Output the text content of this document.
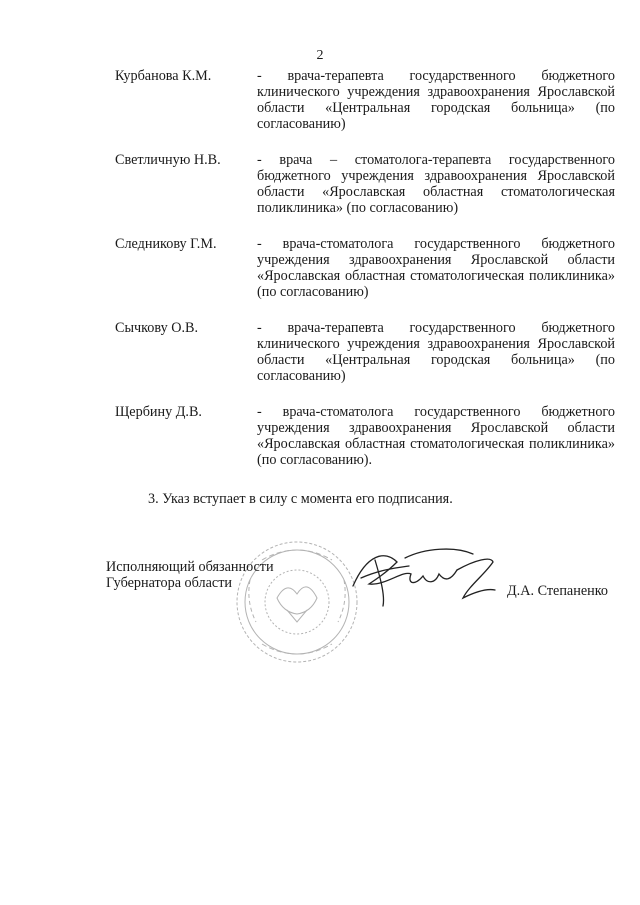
2
Курбанова К.М.	- врача-терапевта государственного бюджетного клинического учреждения здравоохранения Ярославской области «Центральная городская больница» (по согласованию)
Светличную Н.В.	- врача – стоматолога-терапевта государственного бюджетного учреждения здравоохранения Ярославской области «Ярославская областная стоматологическая поликлиника» (по согласованию)
Следникову Г.М.	- врача-стоматолога государственного бюджетного учреждения здравоохранения Ярославской области «Ярославская областная стоматологическая поликлиника» (по согласованию)
Сычкову О.В.	- врача-терапевта государственного бюджетного клинического учреждения здравоохранения Ярославской области «Центральная городская больница» (по согласованию)
Щербину Д.В.	- врача-стоматолога государственного бюджетного учреждения здравоохранения Ярославской области «Ярославская областная стоматологическая поликлиника» (по согласованию).
3. Указ вступает в силу с момента его подписания.
Исполняющий обязанности
Губернатора области	Д.А. Степаненко
